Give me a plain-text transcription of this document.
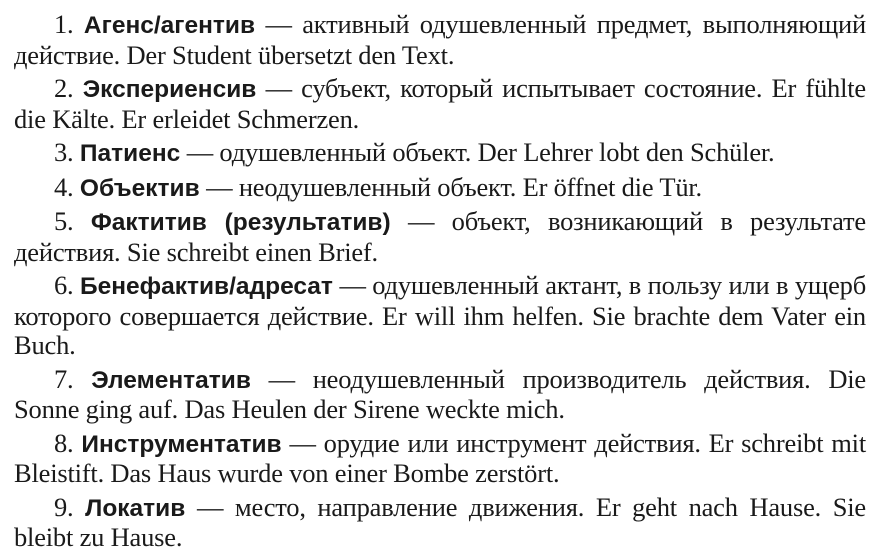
1. Агенс/агентив — активный одушевленный предмет, выполняющий действие. Der Student übersetzt den Text.

2. Экспериенсив — субъект, который испытывает состояние. Er fühlte die Kälte. Er erleidet Schmerzen.

3. Патиенс — одушевленный объект. Der Lehrer lobt den Schüler.

4. Объектив — неодушевленный объект. Er öffnet die Tür.

5. Фактитив (результатив) — объект, возникающий в результате действия. Sie schreibt einen Brief.

6. Бенефактив/адресат — одушевленный актант, в пользу или в ущерб которого совершается действие. Er will ihm helfen. Sie brachte dem Vater ein Buch.

7. Элементатив — неодушевленный производитель действия. Die Sonne ging auf. Das Heulen der Sirene weckte mich.

8. Инструментатив — орудие или инструмент действия. Er schreibt mit Bleistift. Das Haus wurde von einer Bombe zerstört.

9. Локатив — место, направление движения. Er geht nach Hause. Sie bleibt zu Hause.
